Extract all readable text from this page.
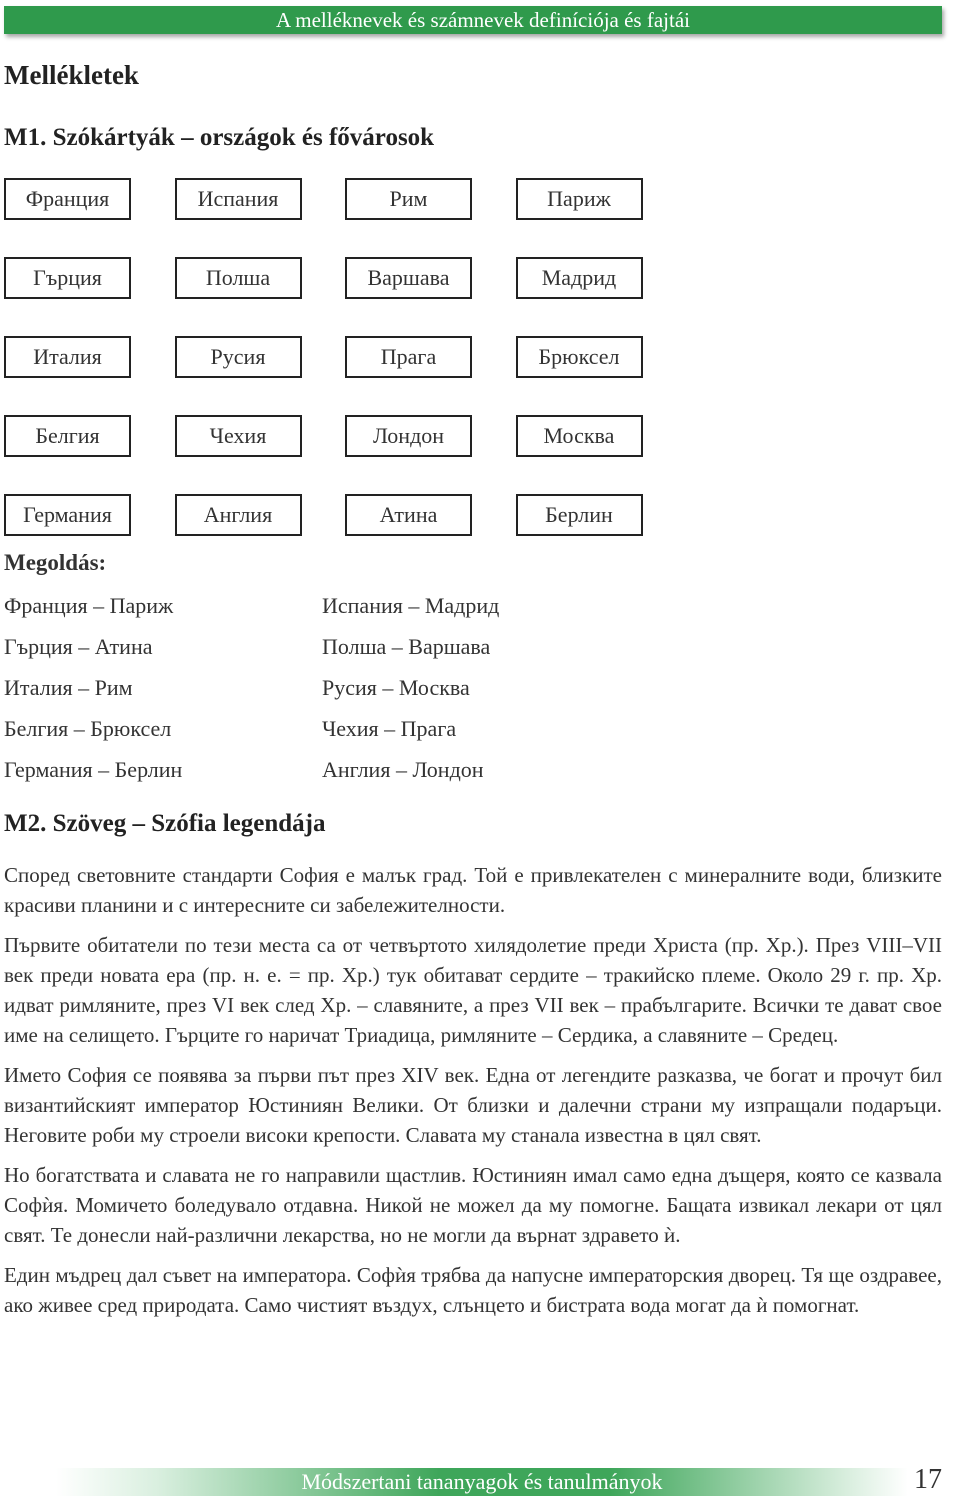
A melléknevek és számnevek definíciója és fajtái
Mellékletek
M1. Szókártyák – országok és fővárosok
Франция	Испания	Рим	Париж
Гърция	Полша	Варшава	Мадрид
Италия	Русия	Прага	Брюксел
Белгия	Чехия	Лондон	Москва
Германия	Англия	Атина	Берлин
Megoldás:
Франция – Париж
Гърция – Атина
Италия – Рим
Белгия – Брюксел
Германия – Берлин
Испания – Мадрид
Полша – Варшава
Русия – Москва
Чехия – Прага
Англия – Лондон
M2. Szöveg – Szófia legendája

Според световните стандарти София е малък град. Той е привлекателен с минералните води, близките красиви планини и с интересните си забележителности.

Първите обитатели по тези места са от четвъртото хилядолетие преди Христа (пр. Хр.). През VIII–VII век преди новата ера (пр. н. е. = пр. Хр.) тук обитават сердите – тракийско племе. Около 29 г. пр. Хр. идват римляните, през VI век след Хр. – славяните, а през VII век – прабългарите. Всички те дават свое име на селището. Гърците го наричат Триадица, римляните – Сердика, а славяните – Средец.

Името София се появява за първи път през XIV век. Една от легендите разказва, че богат и прочут бил византийският император Юстиниян Велики. От близки и далечни страни му изпращали подаръци. Неговите роби му строели високи крепости. Славата му станала известна в цял свят.

Но богатствата и славата не го направили щастлив. Юстиниян имал само една дъщеря, която се казвала Софѝя. Момичето боледувало отдавна. Никой не можел да му помогне. Бащата извикал лекари от цял свят. Те донесли най-различни лекарства, но не могли да върнат здравето ѝ.

Един мъдрец дал съвет на императора. Софѝя трябва да напусне императорския дворец. Тя ще оздравее, ако живее сред природата. Само чистият въздух, слънцето и бистрата вода могат да ѝ помогнат.

Módszertani tananyagok és tanulmányok	17
